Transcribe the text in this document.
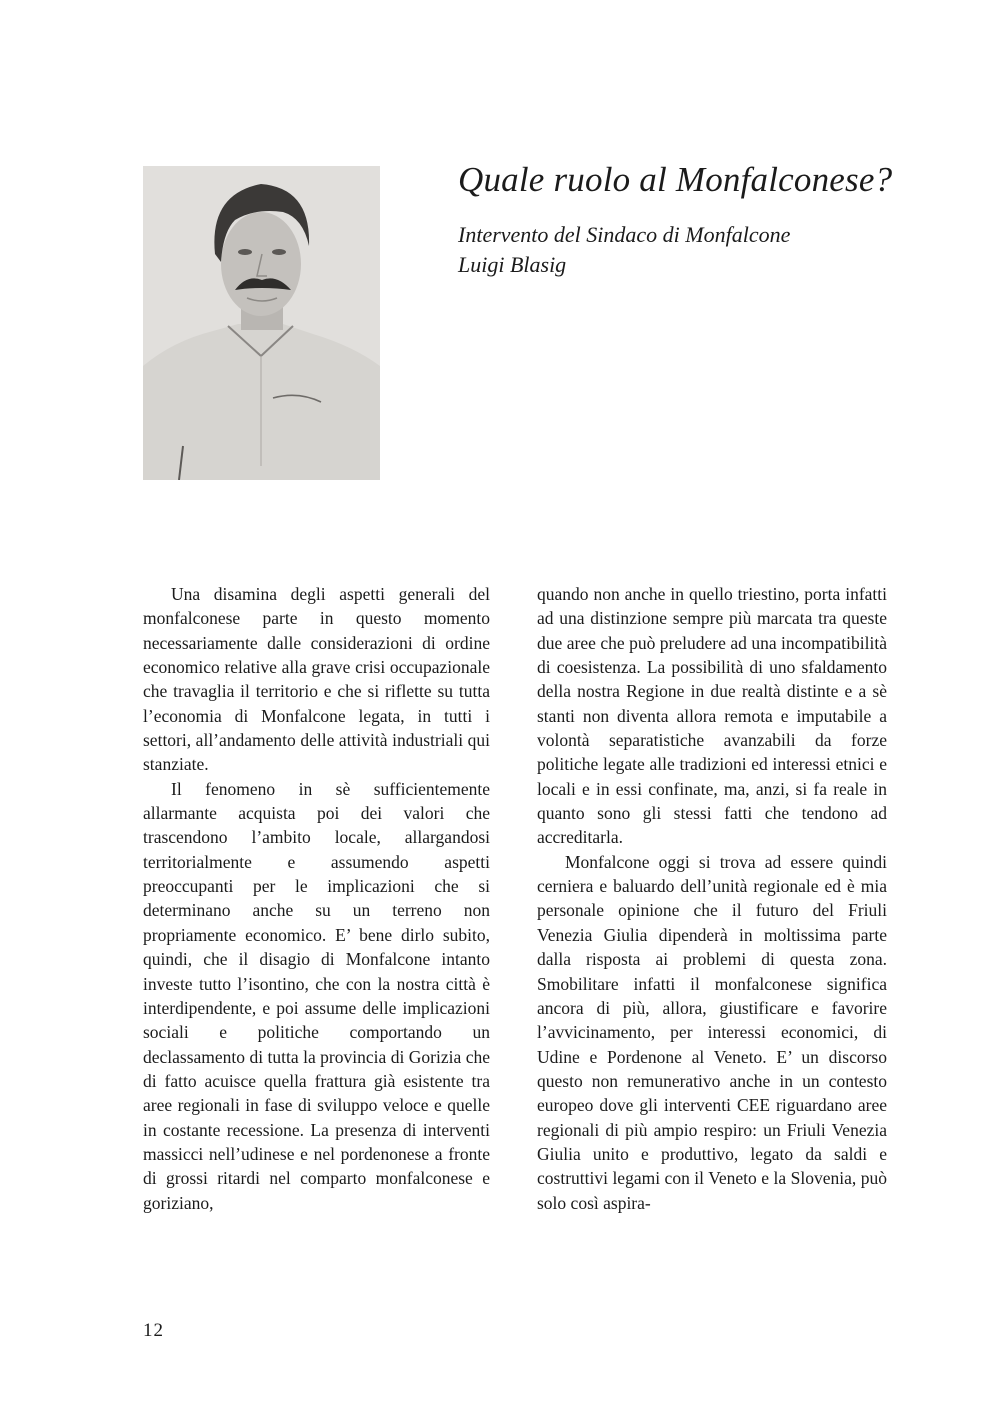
Quale ruolo al Monfalconese?
Intervento del Sindaco di Monfalcone
Luigi Blasig

Una disamina degli aspetti generali del monfalconese parte in questo momento necessariamente dalle considerazioni di ordine economico relative alla grave crisi occupazionale che travaglia il territorio e che si riflette su tutta l’economia di Monfalcone legata, in tutti i settori, all’andamento delle attività industriali qui stanziate.

Il fenomeno in sè sufficientemente allarmante acquista poi dei valori che trascendono l’ambito locale, allargandosi territorialmente e assumendo aspetti preoccupanti per le implicazioni che si determinano anche su un terreno non propriamente economico. E’ bene dirlo subito, quindi, che il disagio di Monfalcone intanto investe tutto l’isontino, che con la nostra città è interdipendente, e poi assume delle implicazioni sociali e politiche comportando un declassamento di tutta la provincia di Gorizia che di fatto acuisce quella frattura già esistente tra aree regionali in fase di sviluppo veloce e quelle in costante recessione. La presenza di interventi massicci nell’udinese e nel pordenonese a fronte di grossi ritardi nel comparto monfalconese e goriziano,

quando non anche in quello triestino, porta infatti ad una distinzione sempre più marcata tra queste due aree che può preludere ad una incompatibilità di coesistenza. La possibilità di uno sfaldamento della nostra Regione in due realtà distinte e a sè stanti non diventa allora remota e imputabile a volontà separatistiche avanzabili da forze politiche legate alle tradizioni ed interessi etnici e locali e in essi confinate, ma, anzi, si fa reale in quanto sono gli stessi fatti che tendono ad accreditarla.

Monfalcone oggi si trova ad essere quindi cerniera e baluardo dell’unità regionale ed è mia personale opinione che il futuro del Friuli Venezia Giulia dipenderà in moltissima parte dalla risposta ai problemi di questa zona. Smobilitare infatti il monfalconese significa ancora di più, allora, giustificare e favorire l’avvicinamento, per interessi economici, di Udine e Pordenone al Veneto. E’ un discorso questo non remunerativo anche in un contesto europeo dove gli interventi CEE riguardano aree regionali di più ampio respiro: un Friuli Venezia Giulia unito e produttivo, legato da saldi e costruttivi legami con il Veneto e la Slovenia, può solo così aspira-

12
